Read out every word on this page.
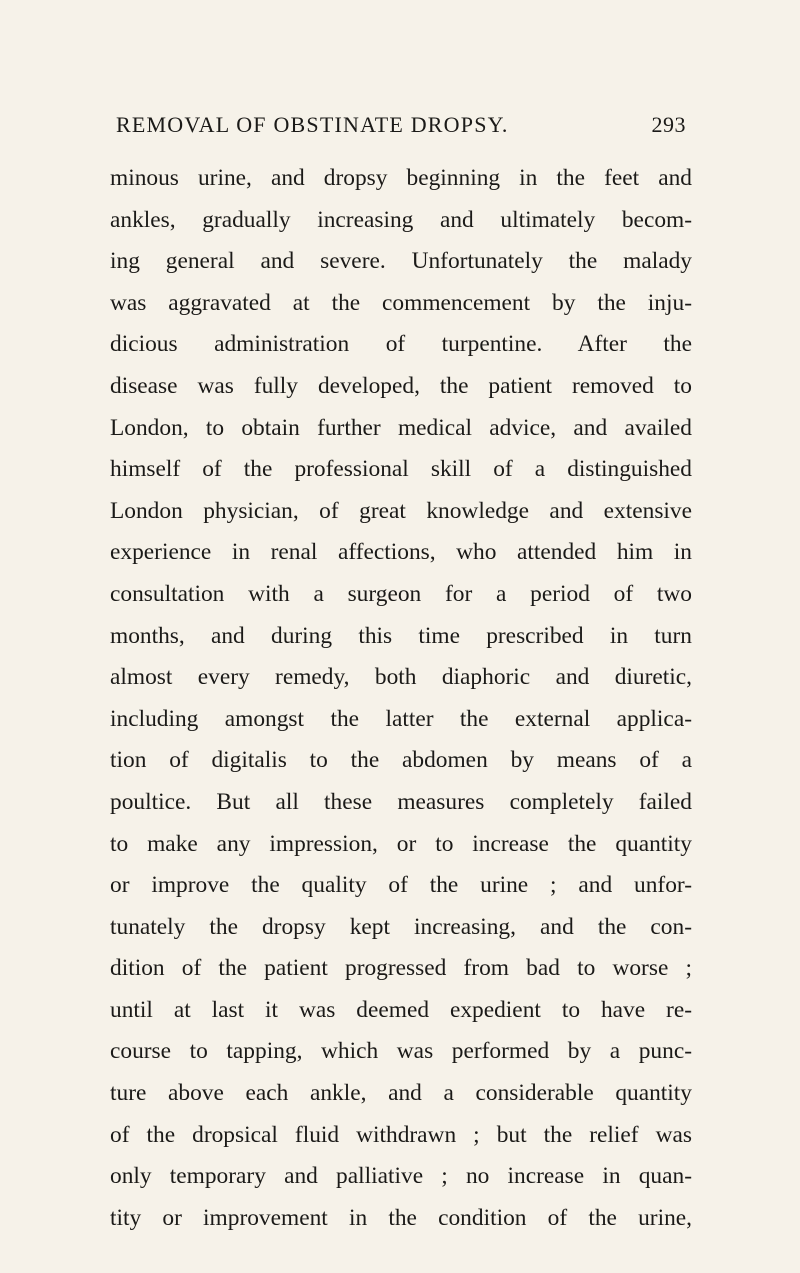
REMOVAL OF OBSTINATE DROPSY.	293
minous urine, and dropsy beginning in the feet and
ankles, gradually increasing and ultimately becom-
ing general and severe. Unfortunately the malady
was aggravated at the commencement by the inju-
dicious administration of turpentine. After the
disease was fully developed, the patient removed to
London, to obtain further medical advice, and availed
himself of the professional skill of a distinguished
London physician, of great knowledge and extensive
experience in renal affections, who attended him in
consultation with a surgeon for a period of two
months, and during this time prescribed in turn
almost every remedy, both diaphoric and diuretic,
including amongst the latter the external applica-
tion of digitalis to the abdomen by means of a
poultice. But all these measures completely failed
to make any impression, or to increase the quantity
or improve the quality of the urine ; and unfor-
tunately the dropsy kept increasing, and the con-
dition of the patient progressed from bad to worse ;
until at last it was deemed expedient to have re-
course to tapping, which was performed by a punc-
ture above each ankle, and a considerable quantity
of the dropsical fluid withdrawn ; but the relief was
only temporary and palliative ; no increase in quan-
tity or improvement in the condition of the urine,
